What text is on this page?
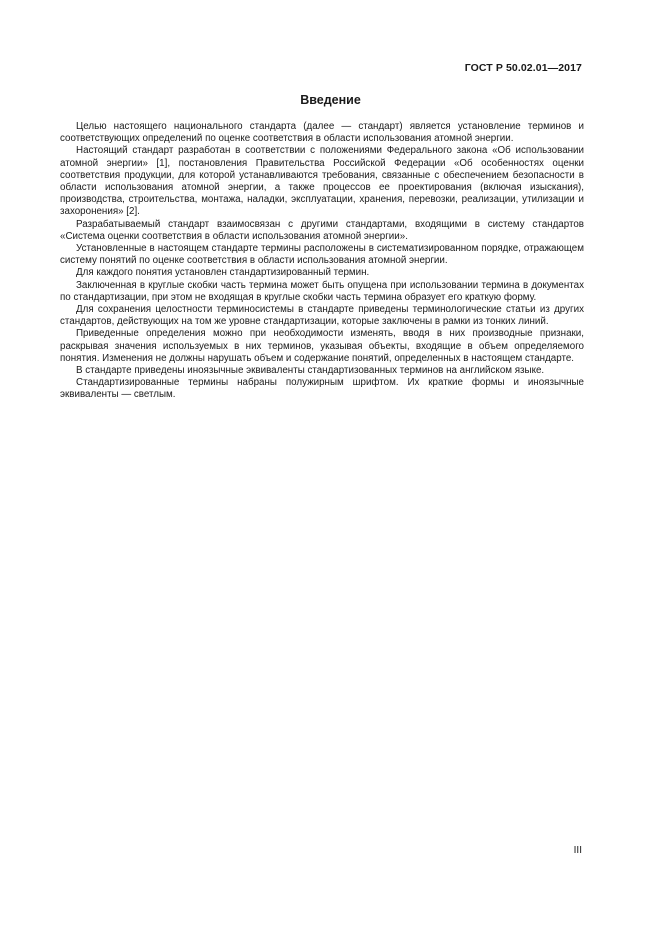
ГОСТ Р 50.02.01—2017
Введение

Целью настоящего национального стандарта (далее — стандарт) является установление терминов и соответствующих определений по оценке соответствия в области использования атомной энергии.

Настоящий стандарт разработан в соответствии с положениями Федерального закона «Об использовании атомной энергии» [1], постановления Правительства Российской Федерации «Об особенностях оценки соответствия продукции, для которой устанавливаются требования, связанные с обеспечением безопасности в области использования атомной энергии, а также процессов ее проектирования (включая изыскания), производства, строительства, монтажа, наладки, эксплуатации, хранения, перевозки, реализации, утилизации и захоронения» [2].

Разрабатываемый стандарт взаимосвязан с другими стандартами, входящими в систему стандартов «Система оценки соответствия в области использования атомной энергии».

Установленные в настоящем стандарте термины расположены в систематизированном порядке, отражающем систему понятий по оценке соответствия в области использования атомной энергии.

Для каждого понятия установлен стандартизированный термин.

Заключенная в круглые скобки часть термина может быть опущена при использовании термина в документах по стандартизации, при этом не входящая в круглые скобки часть термина образует его краткую форму.

Для сохранения целостности терминосистемы в стандарте приведены терминологические статьи из других стандартов, действующих на том же уровне стандартизации, которые заключены в рамки из тонких линий.

Приведенные определения можно при необходимости изменять, вводя в них производные признаки, раскрывая значения используемых в них терминов, указывая объекты, входящие в объем определяемого понятия. Изменения не должны нарушать объем и содержание понятий, определенных в настоящем стандарте.

В стандарте приведены иноязычные эквиваленты стандартизованных терминов на английском языке.

Стандартизированные термины набраны полужирным шрифтом. Их краткие формы и иноязычные эквиваленты — светлым.

III
